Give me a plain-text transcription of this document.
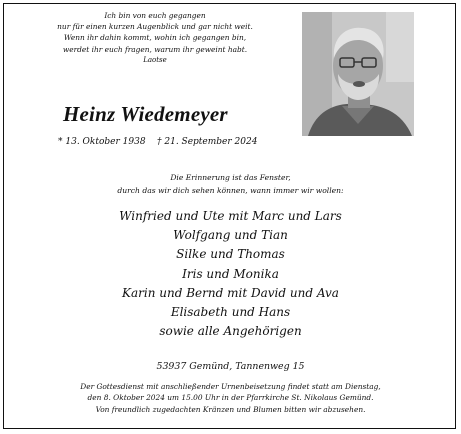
Ich bin von euch gegangen
nur für einen kurzen Augenblick und gar nicht weit.
Wenn ihr dahin kommt, wohin ich gegangen bin,
werdet ihr euch fragen, warum ihr geweint habt.
Laotse
Heinz Wiedemeyer
* 13. Oktober 1938    † 21. September 2024
Die Erinnerung ist das Fenster,
durch das wir dich sehen können, wann immer wir wollen:
Winfried und Ute mit Marc und Lars
Wolfgang und Tian
Silke und Thomas
Iris und Monika
Karin und Bernd mit David und Ava
Elisabeth und Hans
sowie alle Angehörigen
53937 Gemünd, Tannenweg 15
Der Gottesdienst mit anschließender Urnenbeisetzung findet statt am Dienstag,
den 8. Oktober 2024 um 15.00 Uhr in der Pfarrkirche St. Nikolaus Gemünd.
Von freundlich zugedachten Kränzen und Blumen bitten wir abzusehen.
